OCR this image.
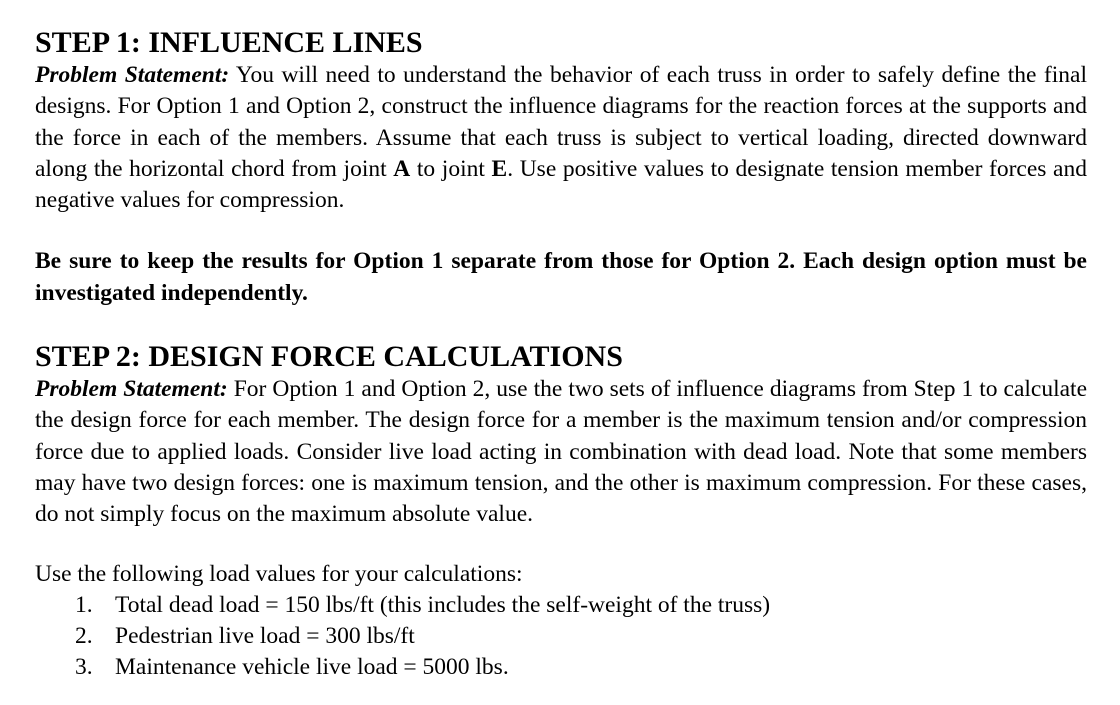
STEP 1: INFLUENCE LINES

Problem Statement: You will need to understand the behavior of each truss in order to safely define the final designs. For Option 1 and Option 2, construct the influence diagrams for the reaction forces at the supports and the force in each of the members. Assume that each truss is subject to vertical loading, directed downward along the horizontal chord from joint A to joint E. Use positive values to designate tension member forces and negative values for compression.

Be sure to keep the results for Option 1 separate from those for Option 2. Each design option must be investigated independently.

STEP 2: DESIGN FORCE CALCULATIONS

Problem Statement: For Option 1 and Option 2, use the two sets of influence diagrams from Step 1 to calculate the design force for each member. The design force for a member is the maximum tension and/or compression force due to applied loads. Consider live load acting in combination with dead load. Note that some members may have two design forces: one is maximum tension, and the other is maximum compression. For these cases, do not simply focus on the maximum absolute value.

Use the following load values for your calculations:

1. Total dead load = 150 lbs/ft (this includes the self-weight of the truss)
2. Pedestrian live load = 300 lbs/ft
3. Maintenance vehicle live load = 5000 lbs.
